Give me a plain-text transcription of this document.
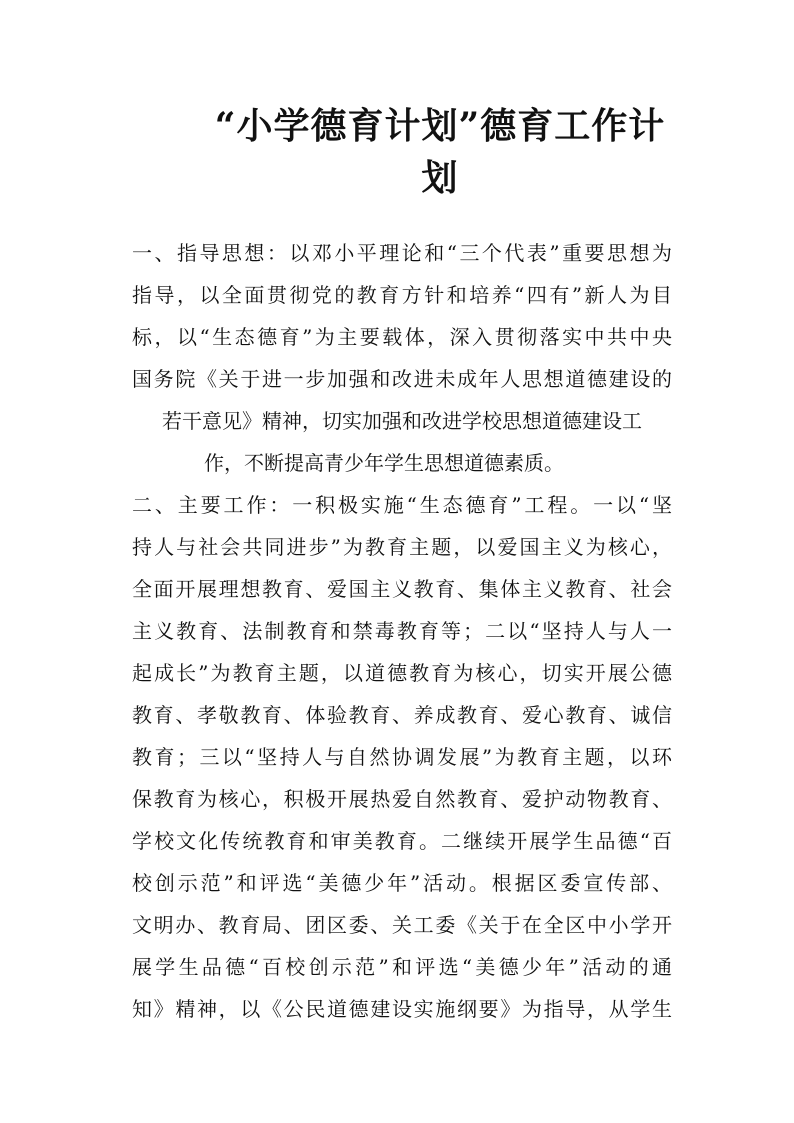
“小学德育计划”德育工作计
划
一、指导思想：以邓小平理论和“三个代表”重要思想为
指导，以全面贯彻党的教育方针和培养“四有”新人为目
标，以“生态德育”为主要载体，深入贯彻落实中共中央
国务院《关于进一步加强和改进未成年人思想道德建设的
若干意见》精神，切实加强和改进学校思想道德建设工
作，不断提高青少年学生思想道德素质。
二、主要工作：一积极实施“生态德育”工程。一以“坚
持人与社会共同进步”为教育主题，以爱国主义为核心，
全面开展理想教育、爱国主义教育、集体主义教育、社会
主义教育、法制教育和禁毒教育等；二以“坚持人与人一
起成长”为教育主题，以道德教育为核心，切实开展公德
教育、孝敬教育、体验教育、养成教育、爱心教育、诚信
教育；三以“坚持人与自然协调发展”为教育主题，以环
保教育为核心，积极开展热爱自然教育、爱护动物教育、
学校文化传统教育和审美教育。二继续开展学生品德“百
校创示范”和评选“美德少年”活动。根据区委宣传部、
文明办、教育局、团区委、关工委《关于在全区中小学开
展学生品德“百校创示范”和评选“美德少年”活动的通
知》精神，以《公民道德建设实施纲要》为指导，从学生
